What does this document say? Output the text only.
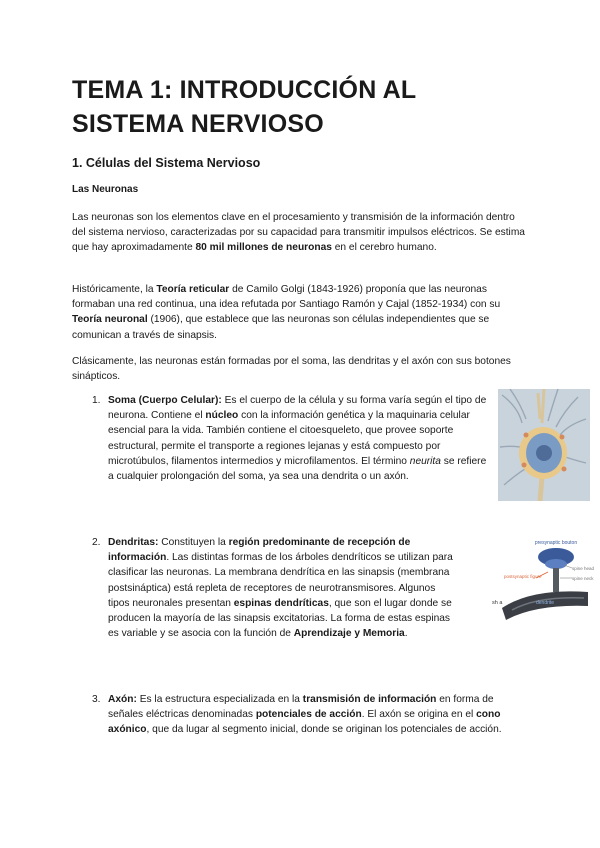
TEMA 1: INTRODUCCIÓN AL
SISTEMA NERVIOSO
1. Células del Sistema Nervioso
Las Neuronas

Las neuronas son los elementos clave en el procesamiento y transmisión de la información dentro del sistema nervioso, caracterizadas por su capacidad para transmitir impulsos eléctricos. Se estima que hay aproximadamente 80 mil millones de neuronas en el cerebro humano.

Históricamente, la Teoría reticular de Camilo Golgi (1843-1926) proponía que las neuronas formaban una red continua, una idea refutada por Santiago Ramón y Cajal (1852-1934) con su Teoría neuronal (1906), que establece que las neuronas son células independientes que se comunican a través de sinapsis.

Clásicamente, las neuronas están formadas por el soma, las dendritas y el axón con sus botones sinápticos.

1. Soma (Cuerpo Celular): Es el cuerpo de la célula y su forma varía según el tipo de neurona. Contiene el núcleo con la información genética y la maquinaria celular esencial para la vida. También contiene el citoesqueleto, que provee soporte estructural, permite el transporte a regiones lejanas y está compuesto por microtúbulos, filamentos intermedios y microfilamentos. El término neurita se refiere a cualquier prolongación del soma, ya sea una dendrita o un axón.

2. Dendritas: Constituyen la región predominante de recepción de información. Las distintas formas de los árboles dendríticos se utilizan para clasificar las neuronas. La membrana dendrítica en las sinapsis (membrana postsináptica) está repleta de receptores de neurotransmisores. Algunos tipos neuronales presentan espinas dendríticas, que son el lugar donde se producen la mayoría de las sinapsis excitatorias. La forma de estas espinas es variable y se asocia con la función de Aprendizaje y Memoria.

presynaptic bouton
spine head
postsynaptic figure	spine neck
sh a	dendrite
3. Axón: Es la estructura especializada en la transmisión de información en forma de señales eléctricas denominadas potenciales de acción. El axón se origina en el cono axónico, que da lugar al segmento inicial, donde se originan los potenciales de acción.
